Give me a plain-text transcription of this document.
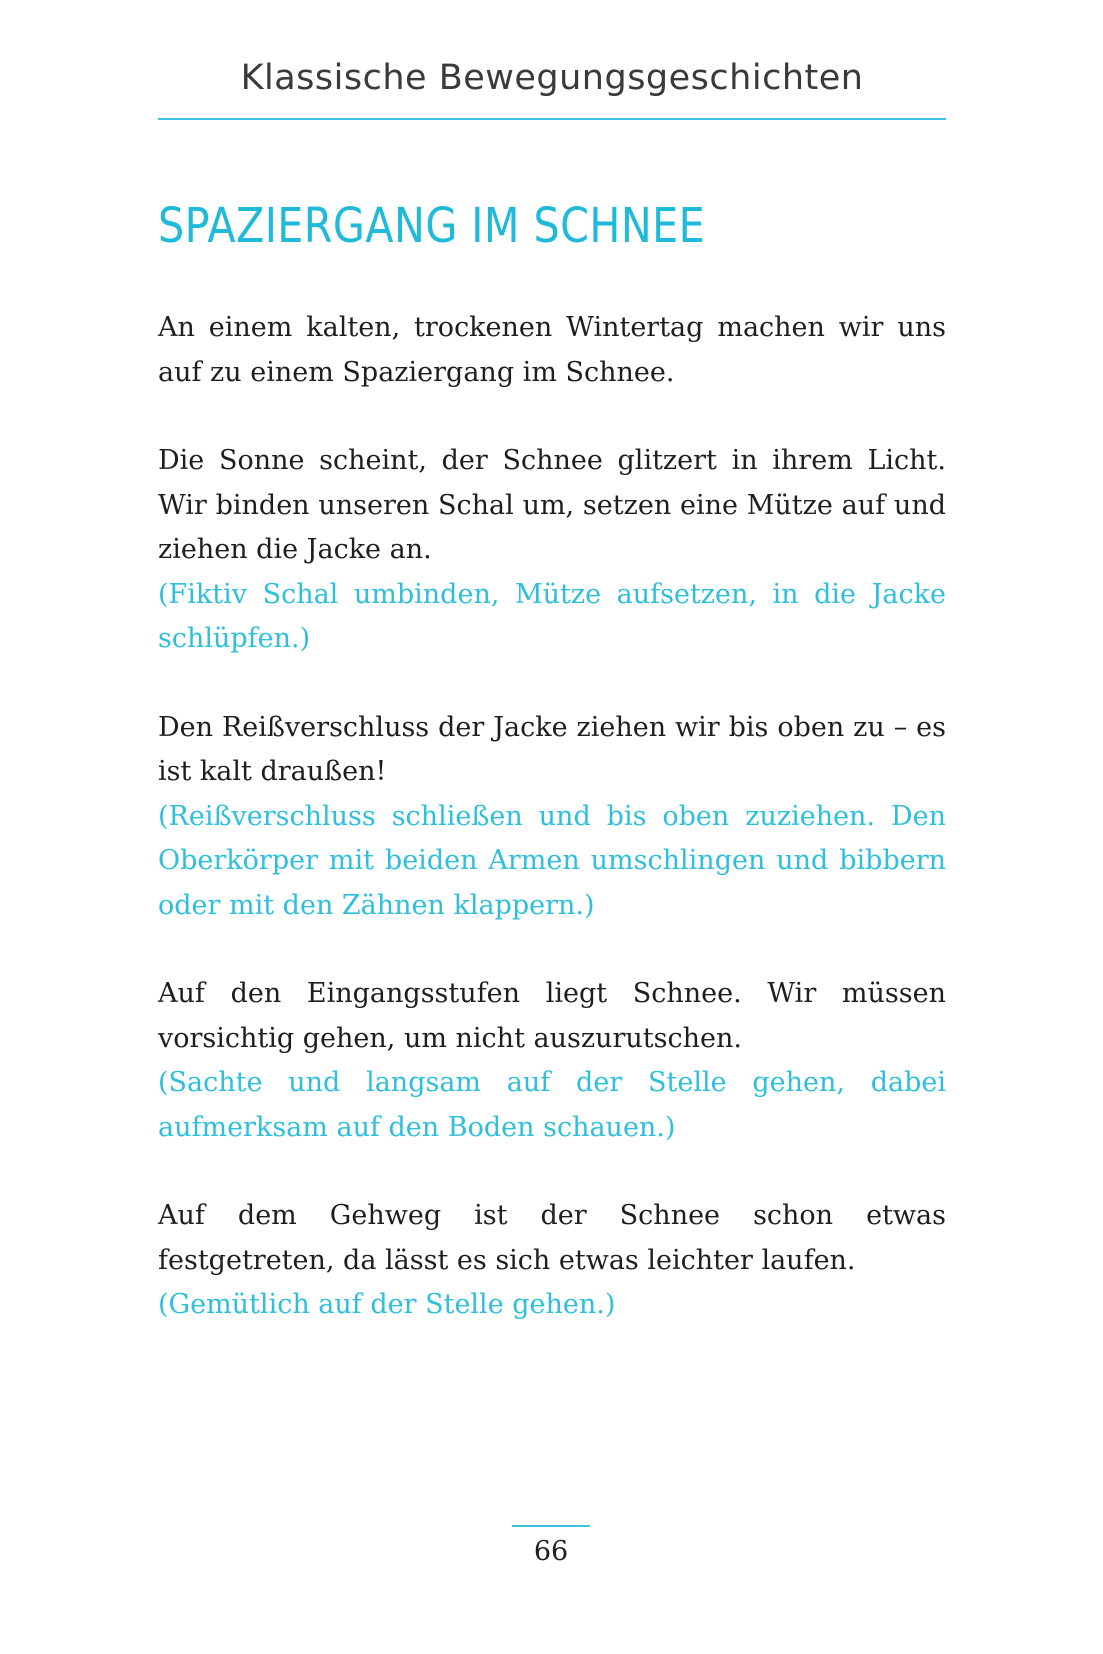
Klassische Bewegungsgeschichten
SPAZIERGANG IM SCHNEE

An einem kalten, trockenen Wintertag machen wir uns auf zu einem Spaziergang im Schnee.

Die Sonne scheint, der Schnee glitzert in ihrem Licht. Wir binden unseren Schal um, setzen eine Mütze auf und ziehen die Jacke an.
(Fiktiv Schal umbinden, Mütze aufsetzen, in die Jacke schlüpfen.)

Den Reißverschluss der Jacke ziehen wir bis oben zu – es ist kalt draußen!
(Reißverschluss schließen und bis oben zuziehen. Den Oberkörper mit beiden Armen umschlingen und bibbern oder mit den Zähnen klappern.)

Auf den Eingangsstufen liegt Schnee. Wir müssen vorsichtig gehen, um nicht auszurutschen.
(Sachte und langsam auf der Stelle gehen, dabei aufmerksam auf den Boden schauen.)

Auf dem Gehweg ist der Schnee schon etwas festgetreten, da lässt es sich etwas leichter laufen.
(Gemütlich auf der Stelle gehen.)

66
